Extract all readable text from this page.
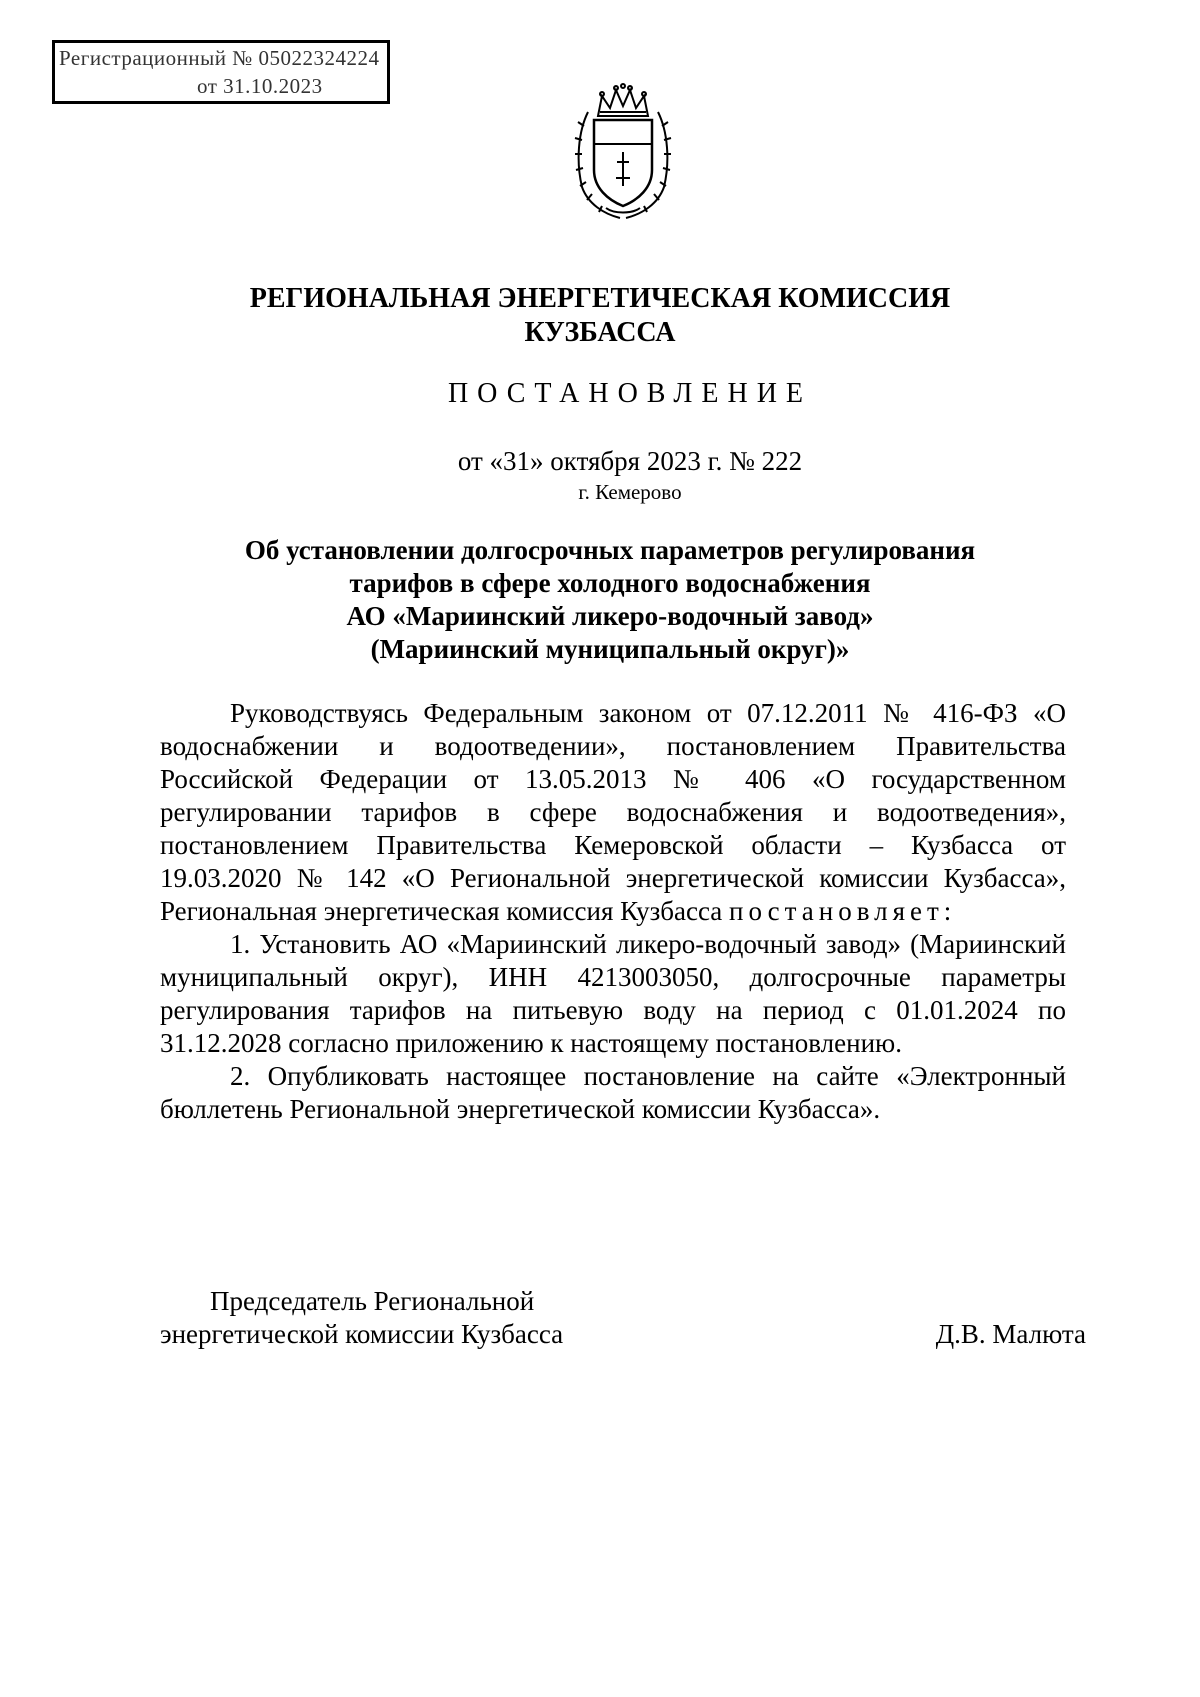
Регистрационный № 05022324224
от 31.10.2023
РЕГИОНАЛЬНАЯ ЭНЕРГЕТИЧЕСКАЯ КОМИССИЯ
КУЗБАССА
ПОСТАНОВЛЕНИЕ
от «31» октября 2023 г. № 222
г. Кемерово
Об установлении долгосрочных параметров регулирования
тарифов в сфере холодного водоснабжения
АО «Мариинский ликеро-водочный завод»
(Мариинский муниципальный округ)»

Руководствуясь Федеральным законом от 07.12.2011 № 416-ФЗ «О водоснабжении и водоотведении», постановлением Правительства Российской Федерации от 13.05.2013 № 406 «О государственном регулировании тарифов в сфере водоснабжения и водоотведения», постановлением Правительства Кемеровской области – Кузбасса от 19.03.2020 № 142 «О Региональной энергетической комиссии Кузбасса», Региональная энергетическая комиссия Кузбасса постановляет:

1. Установить АО «Мариинский ликеро-водочный завод» (Мариинский муниципальный округ), ИНН 4213003050, долгосрочные параметры регулирования тарифов на питьевую воду на период с 01.01.2024 по 31.12.2028 согласно приложению к настоящему постановлению.

2. Опубликовать настоящее постановление на сайте «Электронный бюллетень Региональной энергетической комиссии Кузбасса».

Председатель Региональной
энергетической комиссии Кузбасса	Д.В. Малюта
